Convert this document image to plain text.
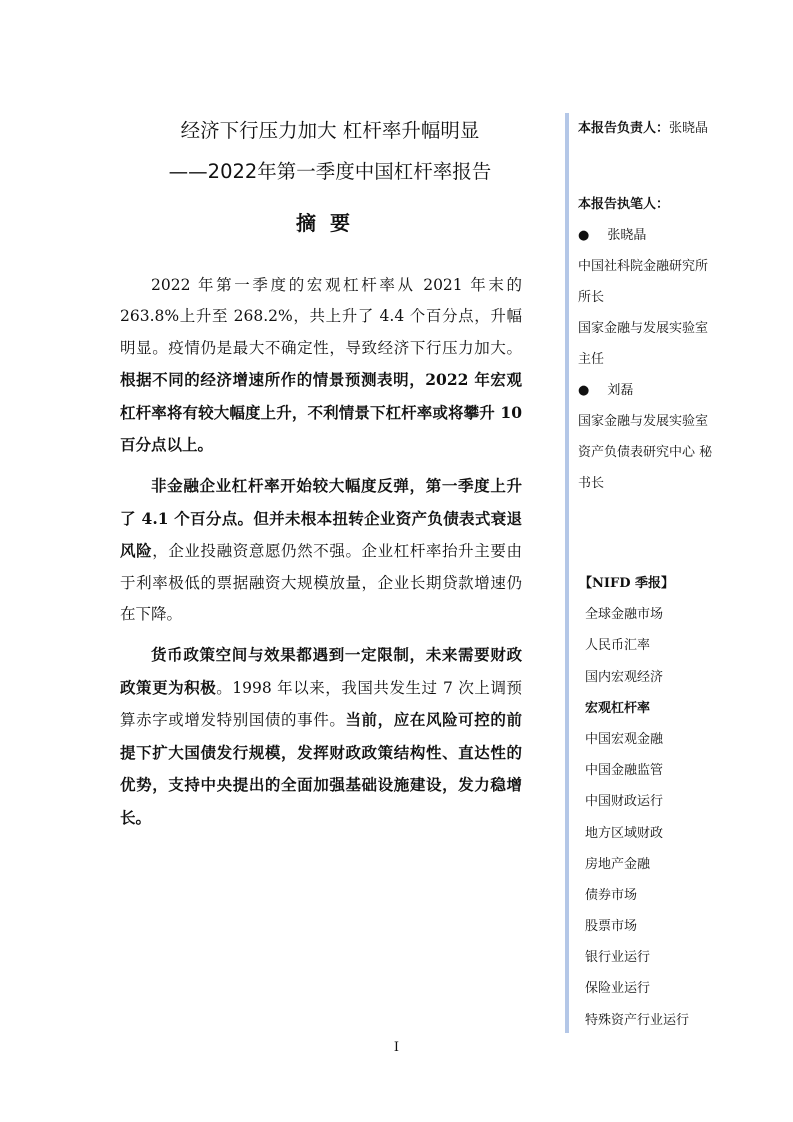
经济下行压力加大 杠杆率升幅明显
——2022年第一季度中国杠杆率报告
摘要

2022 年第一季度的宏观杠杆率从 2021 年末的 263.8%上升至 268.2%，共上升了 4.4 个百分点，升幅明显。疫情仍是最大不确定性，导致经济下行压力加大。根据不同的经济增速所作的情景预测表明，2022 年宏观杠杆率将有较大幅度上升，不利情景下杠杆率或将攀升 10 百分点以上。

非金融企业杠杆率开始较大幅度反弹，第一季度上升了 4.1 个百分点。但并未根本扭转企业资产负债表式衰退风险，企业投融资意愿仍然不强。企业杠杆率抬升主要由于利率极低的票据融资大规模放量，企业长期贷款增速仍在下降。

货币政策空间与效果都遇到一定限制，未来需要财政政策更为积极。1998 年以来，我国共发生过 7 次上调预算赤字或增发特别国债的事件。当前，应在风险可控的前提下扩大国债发行规模，发挥财政政策结构性、直达性的优势，支持中央提出的全面加强基础设施建设，发力稳增长。

本报告负责人：张晓晶
本报告执笔人：
● 张晓晶
中国社科院金融研究所
所长
国家金融与发展实验室
主任
● 刘磊
国家金融与发展实验室
资产负债表研究中心 秘
书长
【NIFD 季报】
全球金融市场
人民币汇率
国内宏观经济
宏观杠杆率
中国宏观金融
中国金融监管
中国财政运行
地方区域财政
房地产金融
债券市场
股票市场
银行业运行
保险业运行
特殊资产行业运行
I
